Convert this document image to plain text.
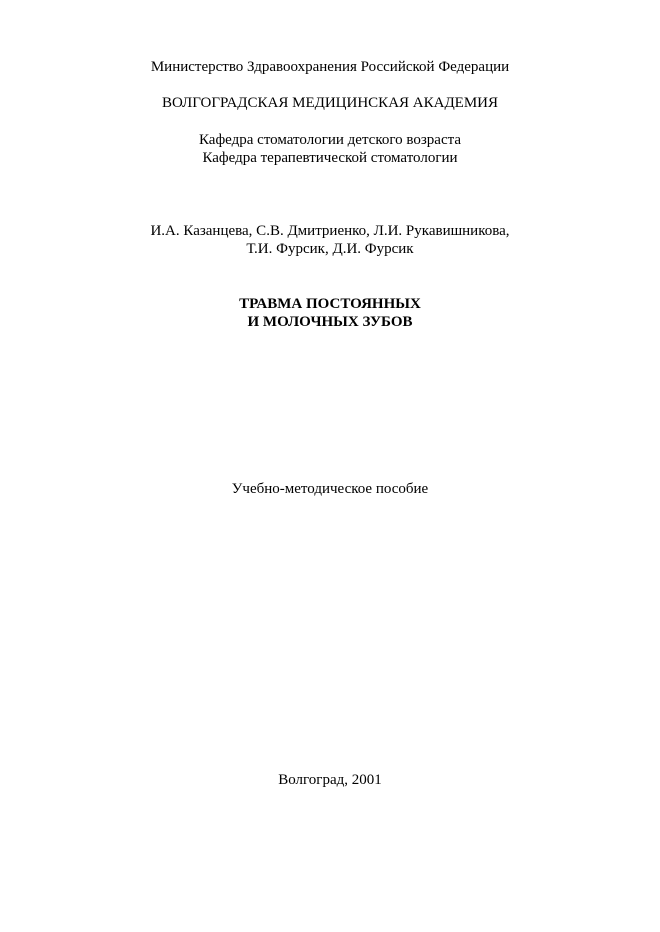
Министерство Здравоохранения Российской Федерации
ВОЛГОГРАДСКАЯ МЕДИЦИНСКАЯ АКАДЕМИЯ
Кафедра стоматологии детского возраста
Кафедра терапевтической стоматологии
И.А. Казанцева, С.В. Дмитриенко, Л.И. Рукавишникова,
Т.И. Фурсик, Д.И. Фурсик
ТРАВМА ПОСТОЯННЫХ
И МОЛОЧНЫХ ЗУБОВ
Учебно-методическое пособие
Волгоград, 2001
